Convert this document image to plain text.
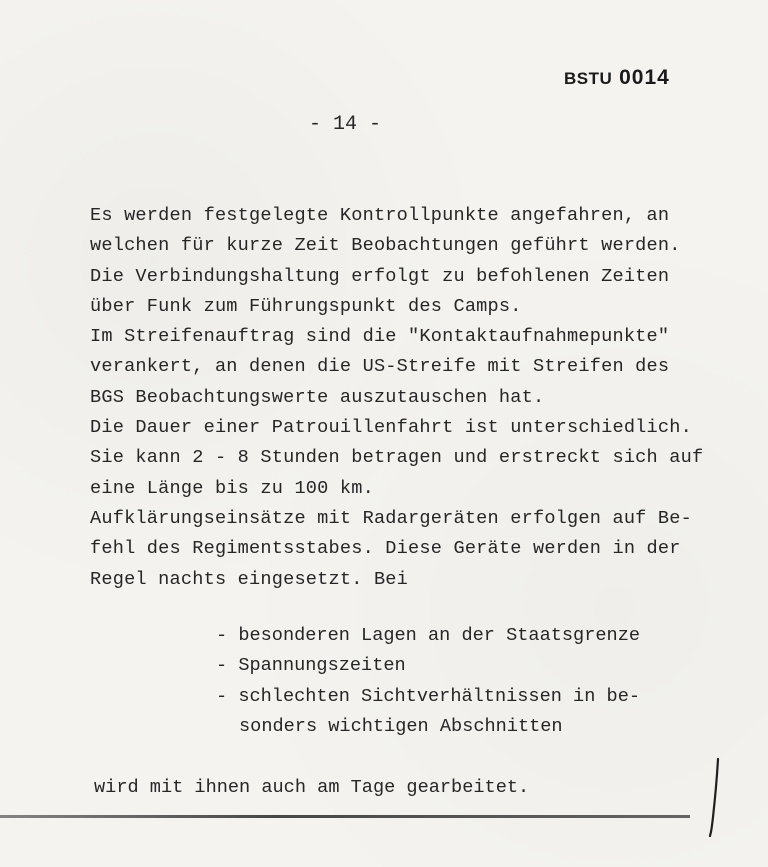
BSTU 0014
- 14 -
Es werden festgelegte Kontrollpunkte angefahren, an
welchen für kurze Zeit Beobachtungen geführt werden.
Die Verbindungshaltung erfolgt zu befohlenen Zeiten
über Funk zum Führungspunkt des Camps.
Im Streifenauftrag sind die "Kontaktaufnahmepunkte"
verankert, an denen die US-Streife mit Streifen des
BGS Beobachtungswerte auszutauschen hat.
Die Dauer einer Patrouillenfahrt ist unterschiedlich.
Sie kann 2 - 8 Stunden betragen und erstreckt sich auf
eine Länge bis zu 100 km.
Aufklärungseinsätze mit Radargeräten erfolgen auf Be-
fehl des Regimentsstabes. Diese Geräte werden in der
Regel nachts eingesetzt. Bei
- besonderen Lagen an der Staatsgrenze
- Spannungszeiten
- schlechten Sichtverhältnissen in be-
sonders wichtigen Abschnitten
wird mit ihnen auch am Tage gearbeitet.
